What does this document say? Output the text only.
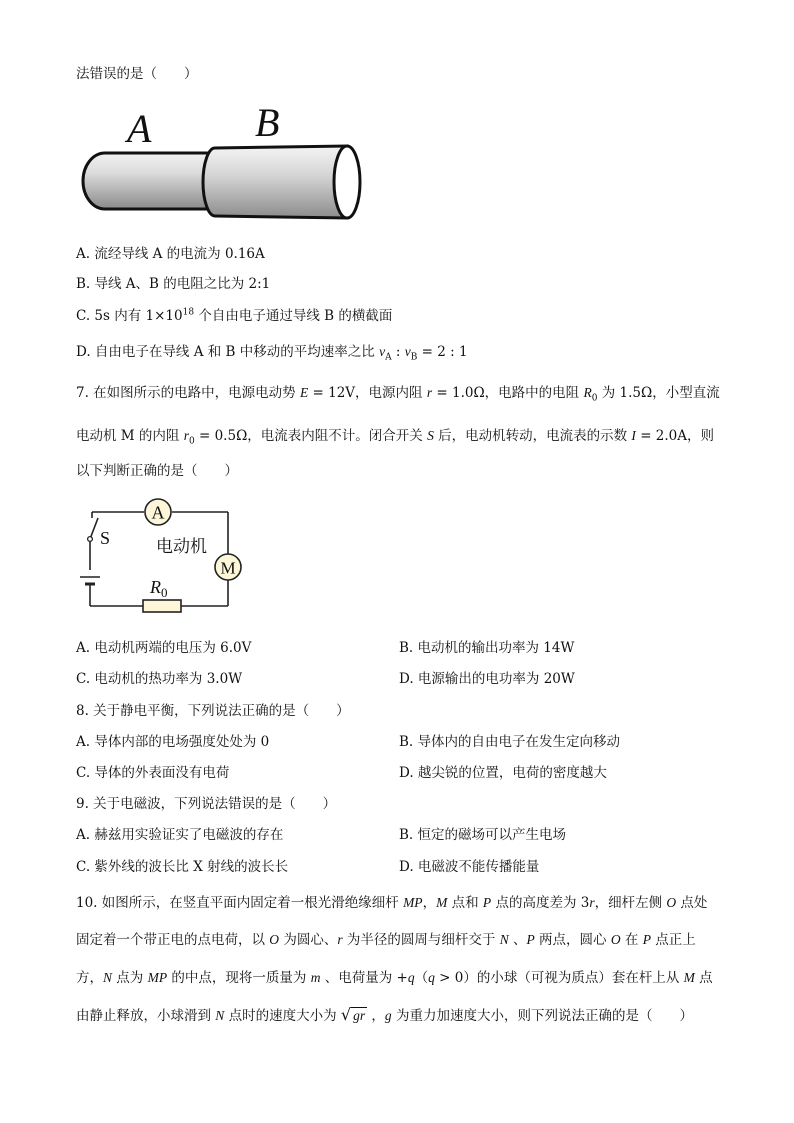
法错误的是（　　）
A	B
A. 流经导线 A 的电流为 0.16A
B. 导线 A、B 的电阻之比为 2:1
C. 5s 内有 $1\times 10^{18}$ 个自由电子通过导线 B 的横截面
D. 自由电子在导线 A 和 B 中移动的平均速率之比 $v_A$ : $v_B = 2$ : 1
7. 在如图所示的电路中，电源电动势 E = 12V，电源内阻 r = 1.0Ω，电路中的电阻 $R_0$ 为 1.5Ω，小型直流
电动机 M 的内阻 $r_0 = 0.5\Omega$，电流表内阻不计。闭合开关 S 后，电动机转动，电流表的示数 I = 2.0A，则
以下判断正确的是（　　）
A
M
$R_0$
S	电动机
A. 电动机两端的电压为 6.0V	B. 电动机的输出功率为 14W
C. 电动机的热功率为 3.0W	D. 电源输出的电功率为 20W
8. 关于静电平衡，下列说法正确的是（　　）
A. 导体内部的电场强度处处为 0	B. 导体内的自由电子在发生定向移动
C. 导体的外表面没有电荷	D. 越尖锐的位置，电荷的密度越大
9. 关于电磁波，下列说法错误的是（　　）
A. 赫兹用实验证实了电磁波的存在	B. 恒定的磁场可以产生电场
C. 紫外线的波长比 X 射线的波长长	D. 电磁波不能传播能量
10. 如图所示，在竖直平面内固定着一根光滑绝缘细杆 MP，M 点和 P 点的高度差为 3r，细杆左侧 O 点处
固定着一个带正电的点电荷，以 O 为圆心、r 为半径的圆周与细杆交于 N 、P 两点，圆心 O 在 P 点正上
方，N 点为 MP 的中点，现将一质量为 m 、电荷量为 +q（q > 0）的小球（可视为质点）套在杆上从 M 点
由静止释放，小球滑到 N 点时的速度大小为 √ gr ，g 为重力加速度大小，则下列说法正确的是（　　）
